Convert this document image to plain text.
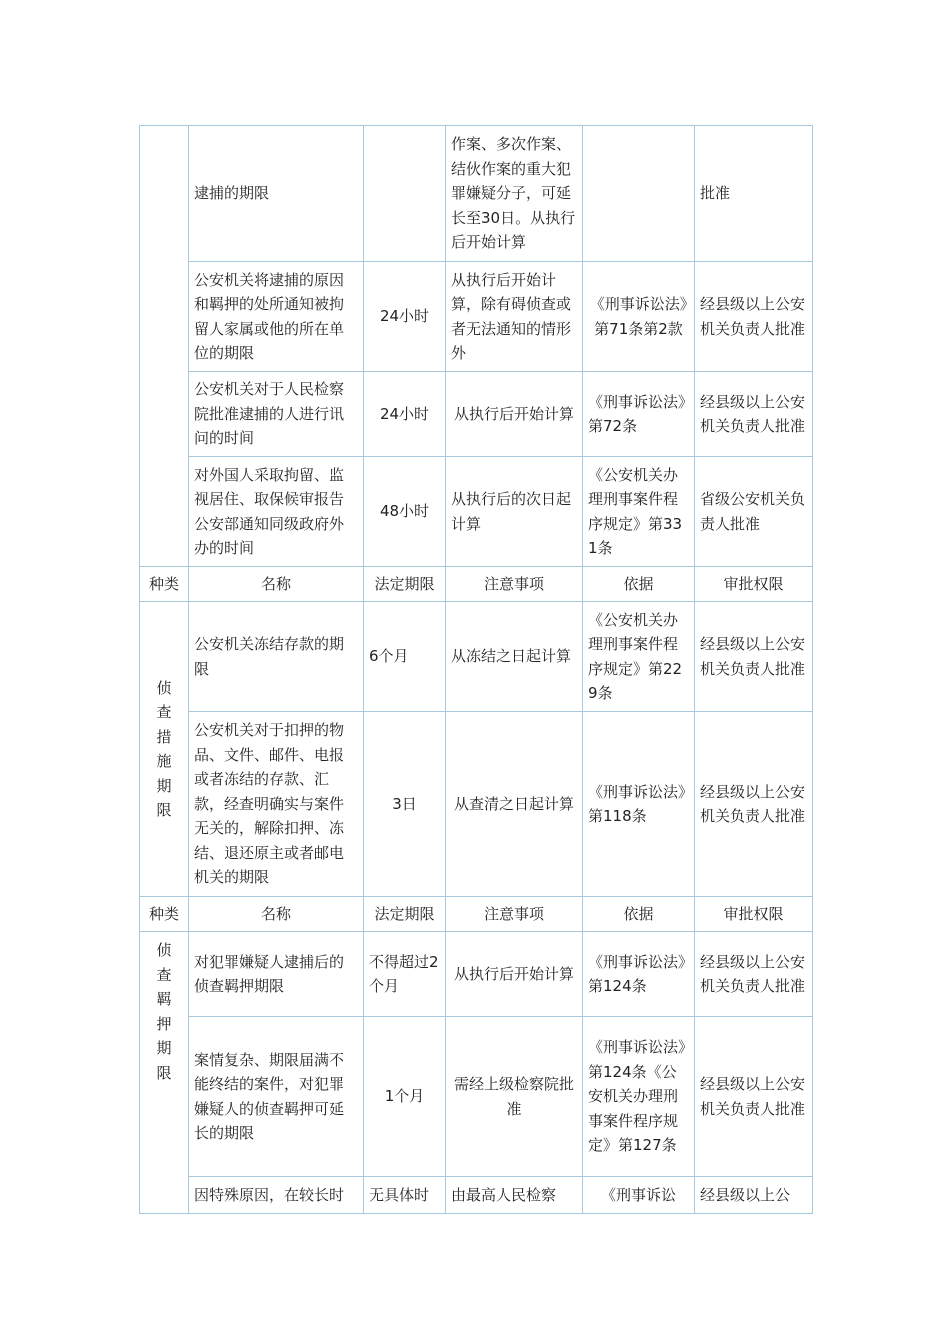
	逮捕的期限		作案、多次作案、结伙作案的重大犯罪嫌疑分子，可延长至30日。从执行后开始计算		批准
	公安机关将逮捕的原因和羁押的处所通知被拘留人家属或他的所在单位的期限	24小时	从执行后开始计算，除有碍侦查或者无法通知的情形外	《刑事诉讼法》第71条第2款	经县级以上公安机关负责人批准
	公安机关对于人民检察院批准逮捕的人进行讯问的时间	24小时	从执行后开始计算	《刑事诉讼法》第72条	经县级以上公安机关负责人批准
	对外国人采取拘留、监视居住、取保候审报告公安部通知同级政府外办的时间	48小时	从执行后的次日起计算	《公安机关办理刑事案件程序规定》第331条	省级公安机关负责人批准
种类	名称	法定期限	注意事项	依据	审批权限
侦查措施期限	公安机关冻结存款的期限	6个月	从冻结之日起计算	《公安机关办理刑事案件程序规定》第229条	经县级以上公安机关负责人批准
	公安机关对于扣押的物品、文件、邮件、电报或者冻结的存款、汇款，经查明确实与案件无关的，解除扣押、冻结、退还原主或者邮电机关的期限	3日	从查清之日起计算	《刑事诉讼法》第118条	经县级以上公安机关负责人批准
种类	名称	法定期限	注意事项	依据	审批权限
侦查羁押期限	对犯罪嫌疑人逮捕后的侦查羁押期限	不得超过2个月	从执行后开始计算	《刑事诉讼法》第124条	经县级以上公安机关负责人批准
	案情复杂、期限届满不能终结的案件，对犯罪嫌疑人的侦查羁押可延长的期限	1个月	需经上级检察院批准	《刑事诉讼法》第124条《公安机关办理刑事案件程序规定》第127条	经县级以上公安机关负责人批准
	因特殊原因，在较长时	无具体时	由最高人民检察	《刑事诉讼	经县级以上公
